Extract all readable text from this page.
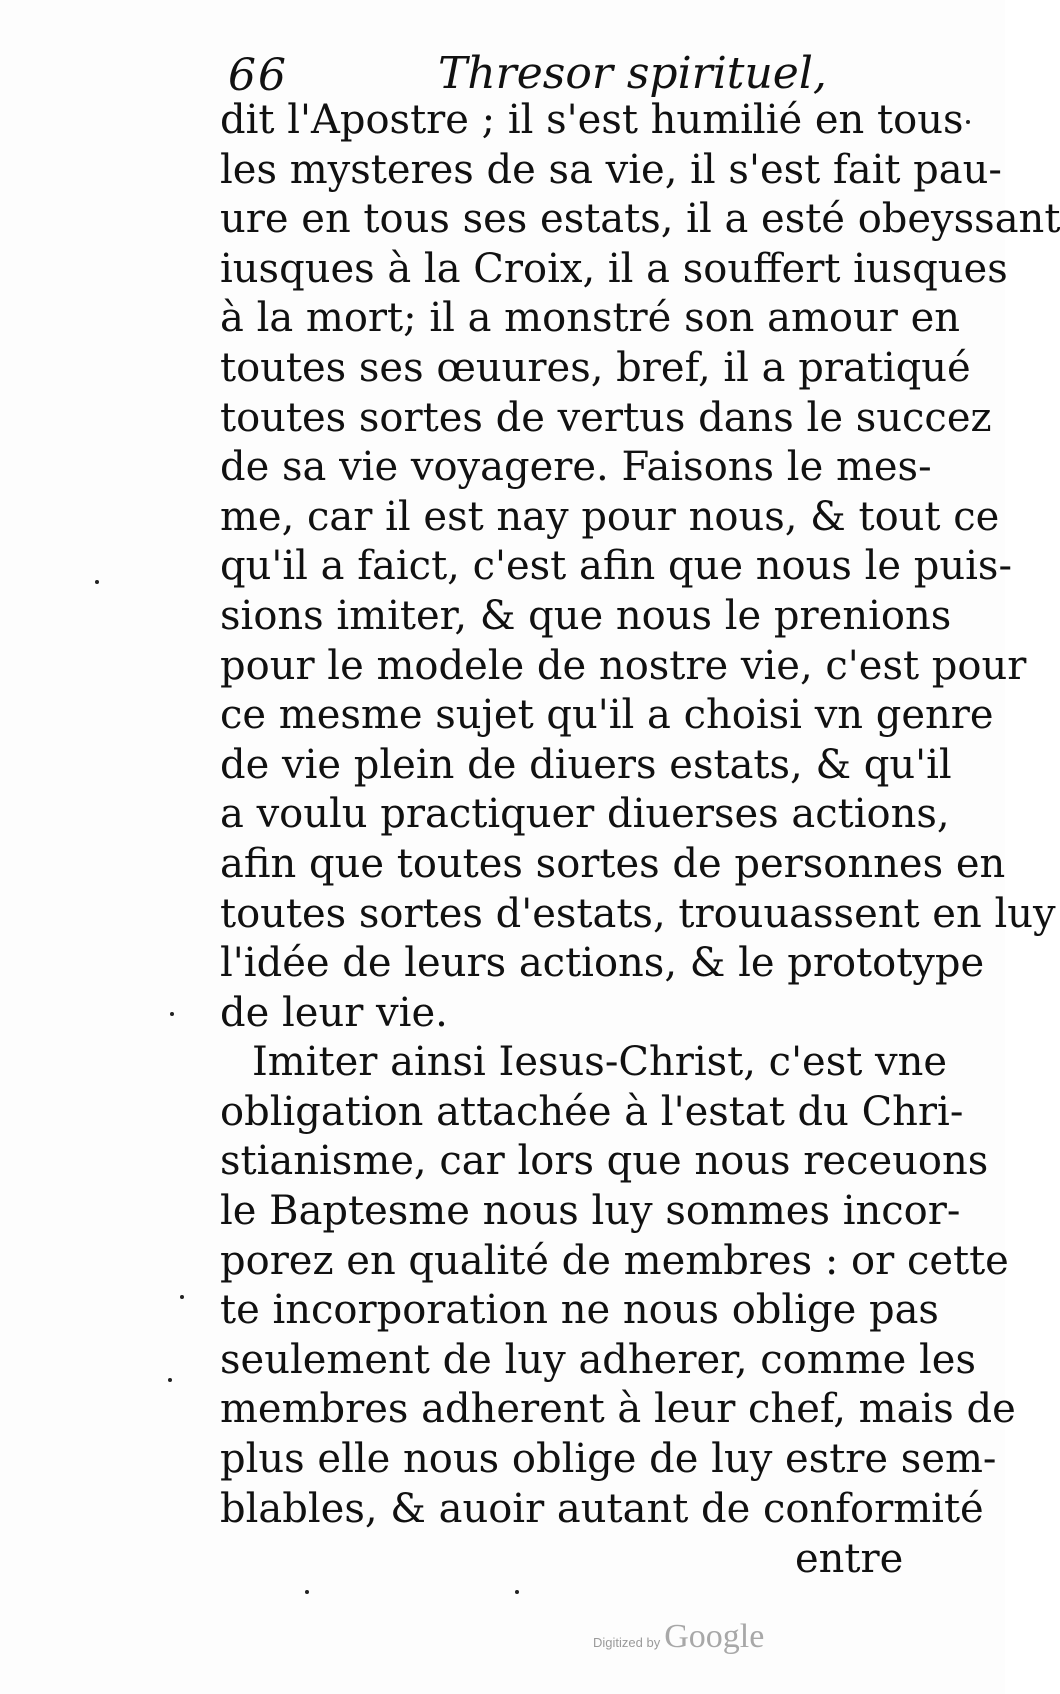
66	Thresor spirituel,
dit l'Apostre ; il s'est humilié en tous
les mysteres de sa vie, il s'est fait pau-
ure en tous ses estats, il a esté obeyssant
iusques à la Croix, il a souffert iusques
à la mort; il a monstré son amour en
toutes ses œuures, bref, il a pratiqué
toutes sortes de vertus dans le succez
de sa vie voyagere. Faisons le mes-
me, car il est nay pour nous, & tout ce
qu'il a faict, c'est afin que nous le puis-
sions imiter, & que nous le prenions
pour le modele de nostre vie, c'est pour
ce mesme sujet qu'il a choisi vn genre
de vie plein de diuers estats, & qu'il
a voulu practiquer diuerses actions,
afin que toutes sortes de personnes en
toutes sortes d'estats, trouuassent en luy
l'idée de leurs actions, & le prototype
de leur vie.
Imiter ainsi Iesus-Christ, c'est vne
obligation attachée à l'estat du Chri-
stianisme, car lors que nous receuons
le Baptesme nous luy sommes incor-
porez en qualité de membres : or cette
te incorporation ne nous oblige pas
seulement de luy adherer, comme les
membres adherent à leur chef, mais de
plus elle nous oblige de luy estre sem-
blables, & auoir autant de conformité
entre
Digitized by Google
